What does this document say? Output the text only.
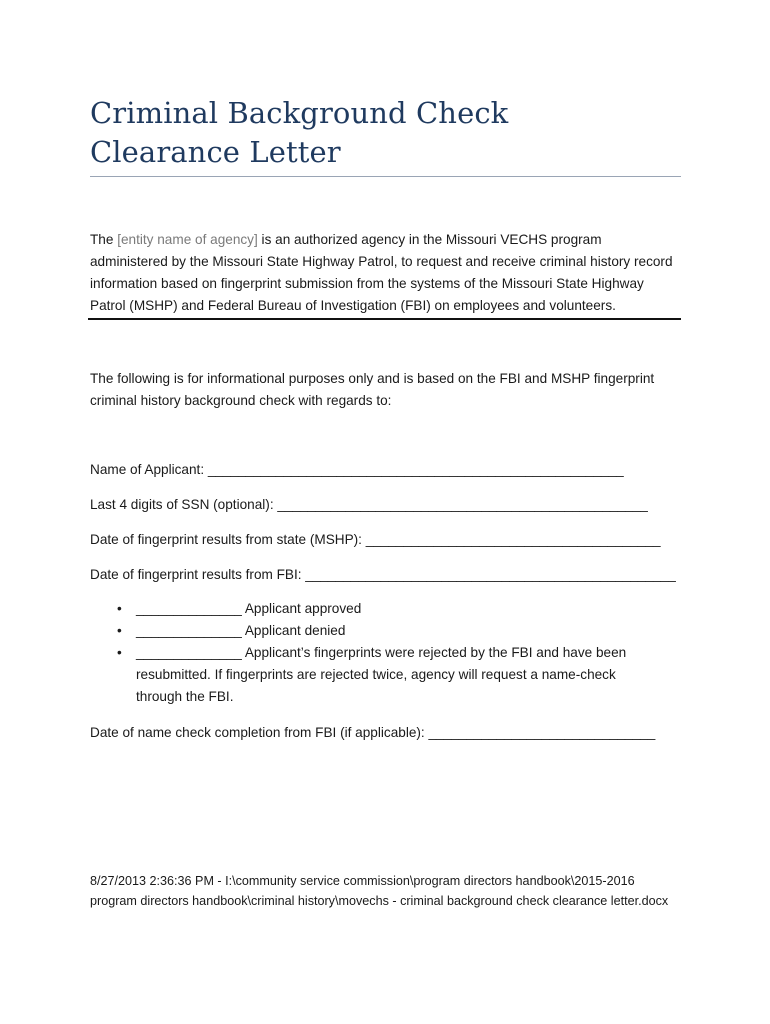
Criminal Background Check
Clearance Letter

The [entity name of agency] is an authorized agency in the Missouri VECHS program administered by the Missouri State Highway Patrol, to request and receive criminal history record information based on fingerprint submission from the systems of the Missouri State Highway Patrol (MSHP) and Federal Bureau of Investigation (FBI) on employees and volunteers.

The following is for informational purposes only and is based on the FBI and MSHP fingerprint criminal history background check with regards to:

Name of Applicant: _______________________________________________________
Last 4 digits of SSN (optional): _________________________________________________
Date of fingerprint results from state (MSHP): _______________________________________
Date of fingerprint results from FBI: _________________________________________________
• ______________ Applicant approved
• ______________ Applicant denied
• ______________ Applicant’s fingerprints were rejected by the FBI and have been resubmitted. If fingerprints are rejected twice, agency will request a name-check through the FBI.
Date of name check completion from FBI (if applicable): ______________________________

8/27/2013 2:36:36 PM - I:\community service commission\program directors handbook\2015-2016 program directors handbook\criminal history\movechs - criminal background check clearance letter.docx
